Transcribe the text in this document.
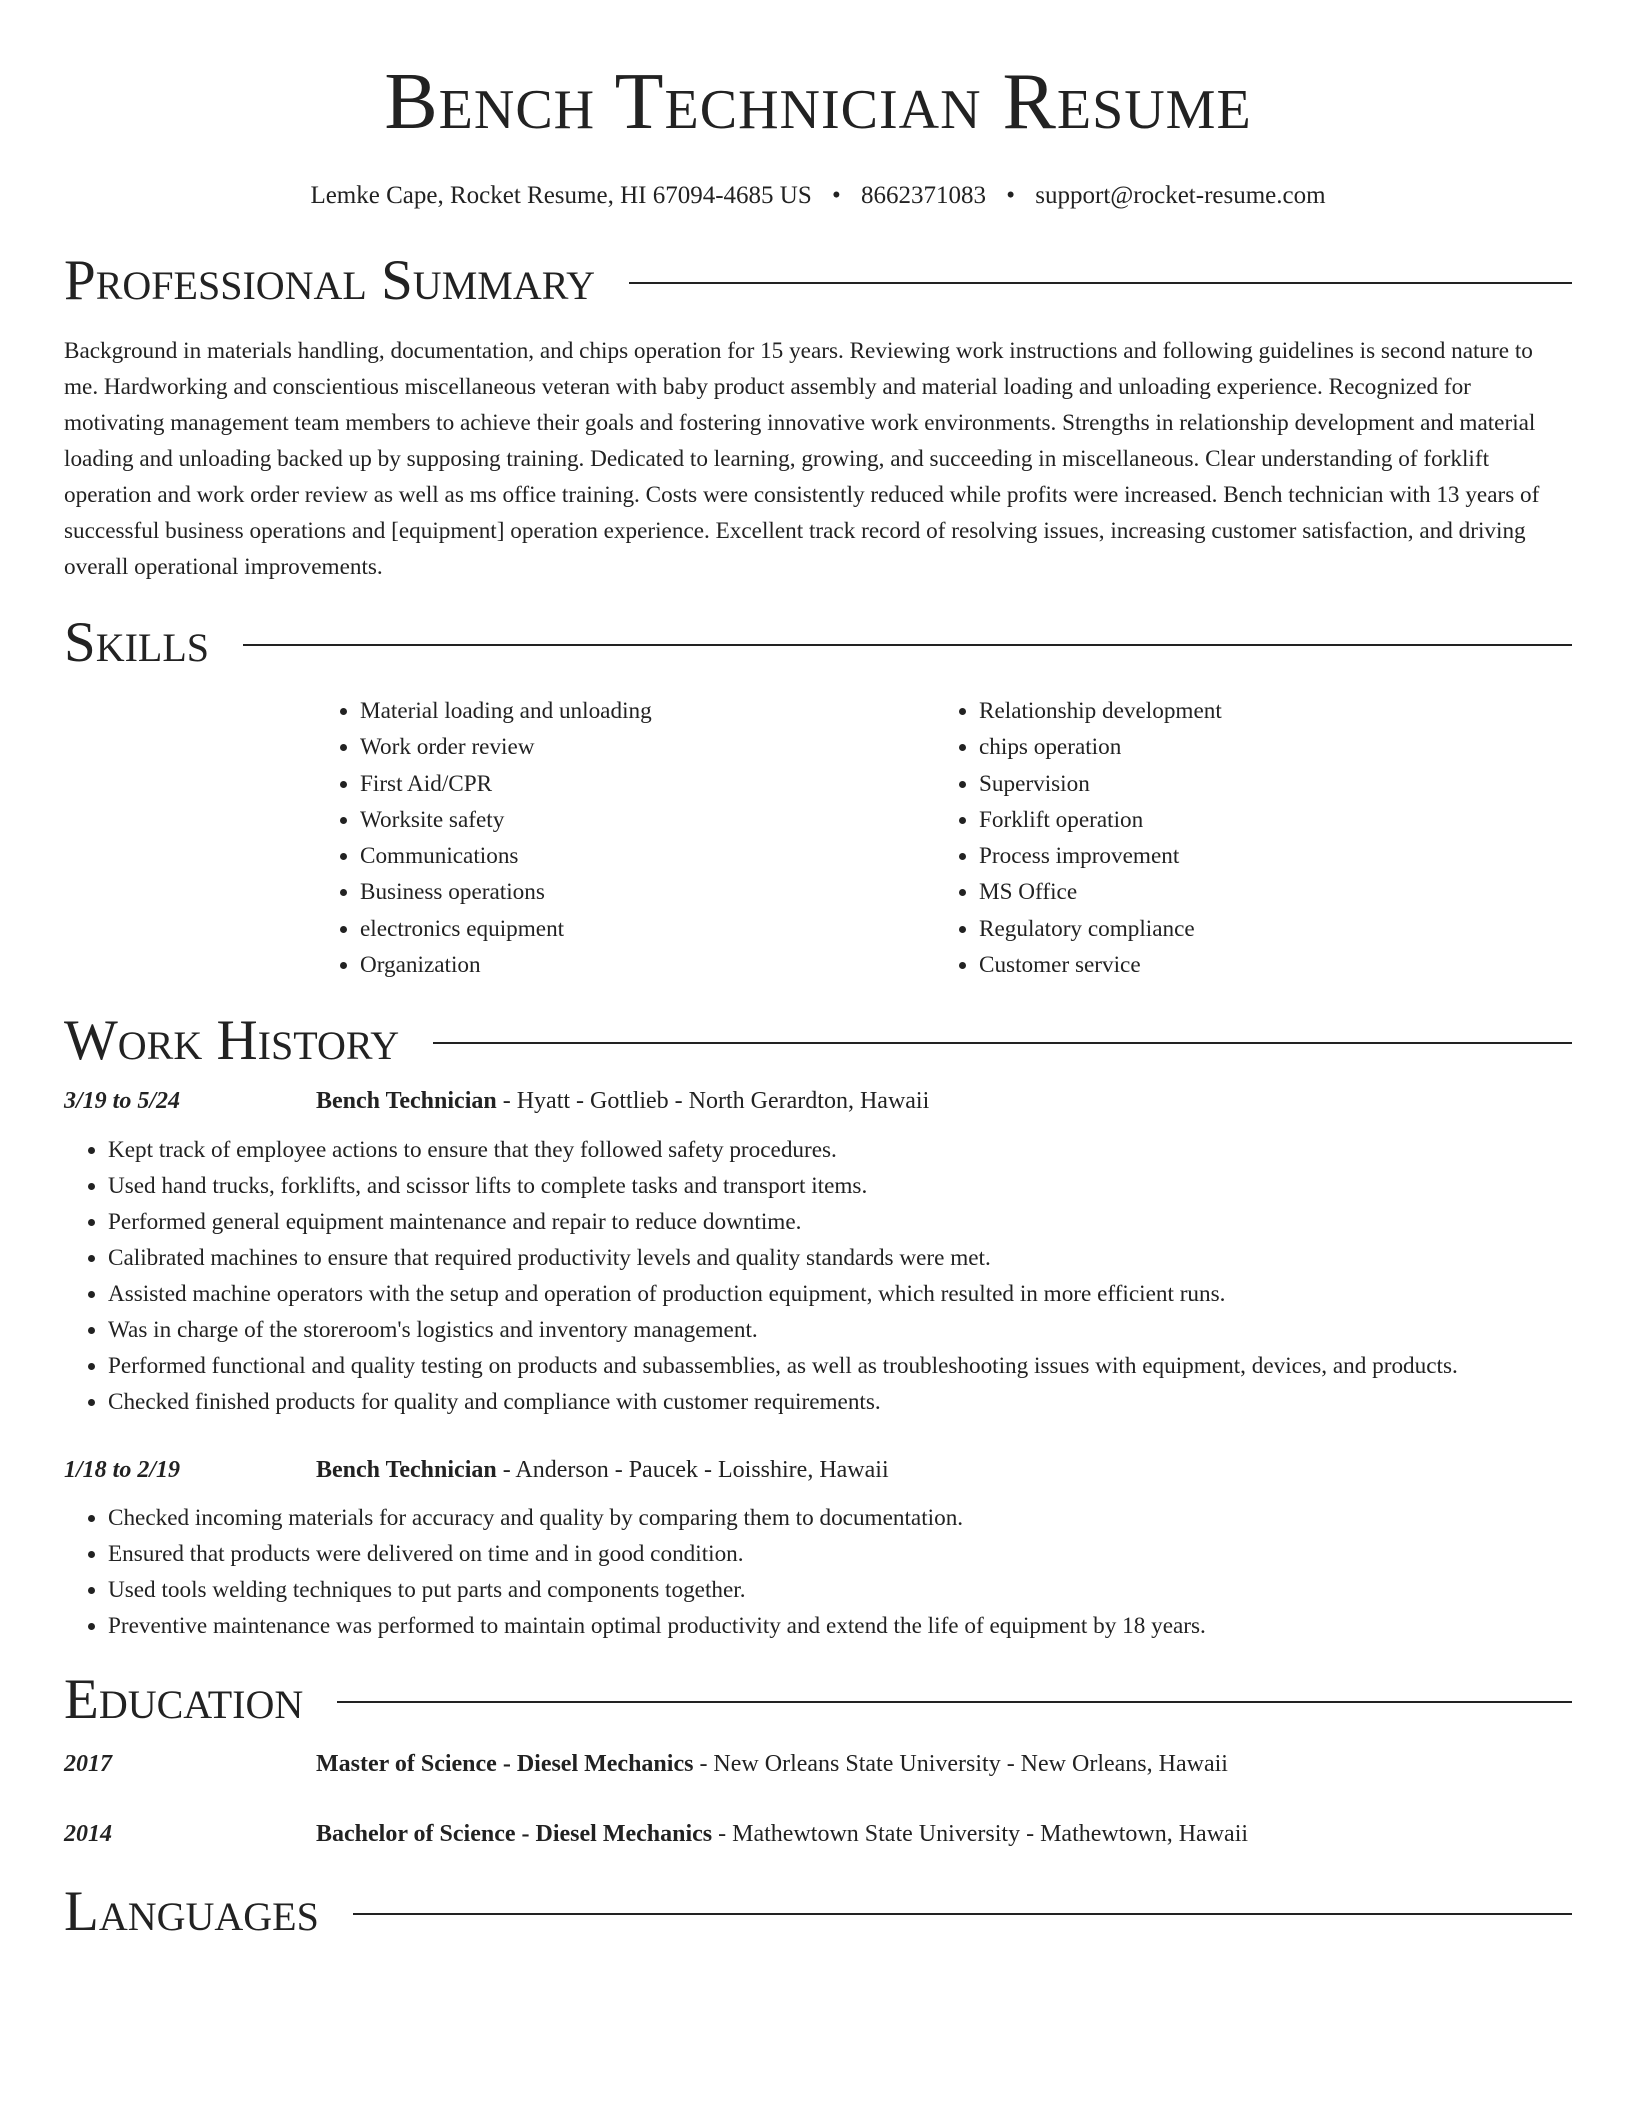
Bench Technician Resume
Lemke Cape, Rocket Resume, HI 67094-4685 US • 8662371083 • support@rocket-resume.com
Professional Summary

Background in materials handling, documentation, and chips operation for 15 years. Reviewing work instructions and following guidelines is second nature to me. Hardworking and conscientious miscellaneous veteran with baby product assembly and material loading and unloading experience. Recognized for motivating management team members to achieve their goals and fostering innovative work environments. Strengths in relationship development and material loading and unloading backed up by supposing training. Dedicated to learning, growing, and succeeding in miscellaneous. Clear understanding of forklift operation and work order review as well as ms office training. Costs were consistently reduced while profits were increased. Bench technician with 13 years of successful business operations and [equipment] operation experience. Excellent track record of resolving issues, increasing customer satisfaction, and driving overall operational improvements.

Skills
• Material loading and unloading
• Work order review
• First Aid/CPR
• Worksite safety
• Communications
• Business operations
• electronics equipment
• Organization
• Relationship development
• chips operation
• Supervision
• Forklift operation
• Process improvement
• MS Office
• Regulatory compliance
• Customer service
Work History
3/19 to 5/24	Bench Technician - Hyatt - Gottlieb - North Gerardton, Hawaii
• Kept track of employee actions to ensure that they followed safety procedures.
• Used hand trucks, forklifts, and scissor lifts to complete tasks and transport items.
• Performed general equipment maintenance and repair to reduce downtime.
• Calibrated machines to ensure that required productivity levels and quality standards were met.
• Assisted machine operators with the setup and operation of production equipment, which resulted in more efficient runs.
• Was in charge of the storeroom's logistics and inventory management.
• Performed functional and quality testing on products and subassemblies, as well as troubleshooting issues with equipment, devices, and products.
• Checked finished products for quality and compliance with customer requirements.
1/18 to 2/19	Bench Technician - Anderson - Paucek - Loisshire, Hawaii
• Checked incoming materials for accuracy and quality by comparing them to documentation.
• Ensured that products were delivered on time and in good condition.
• Used tools welding techniques to put parts and components together.
• Preventive maintenance was performed to maintain optimal productivity and extend the life of equipment by 18 years.
Education
2017	Master of Science - Diesel Mechanics - New Orleans State University - New Orleans, Hawaii
2014	Bachelor of Science - Diesel Mechanics - Mathewtown State University - Mathewtown, Hawaii
Languages
